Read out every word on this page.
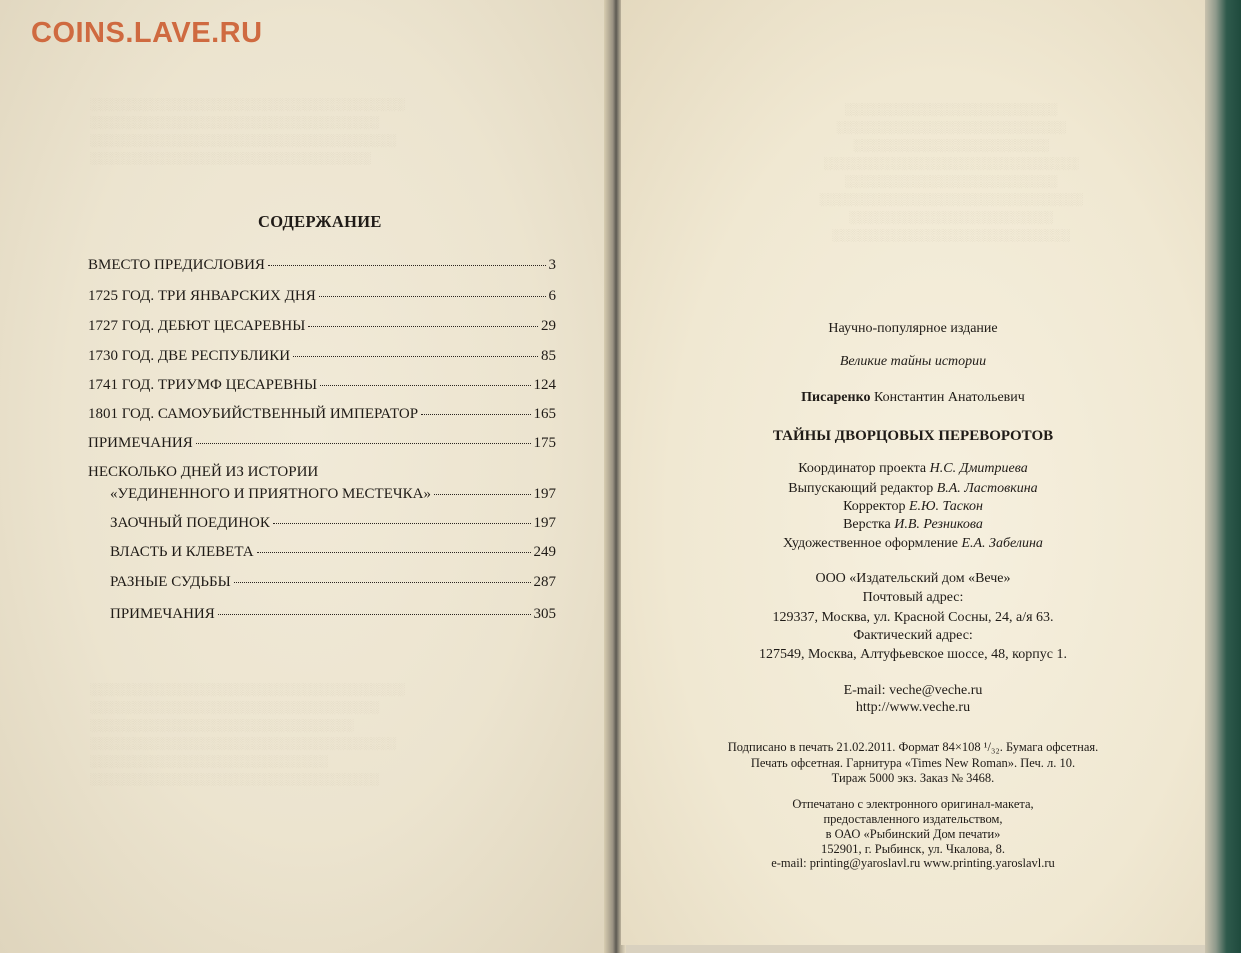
░░░░░░░░░░░░░░░░░░░░░░░░░░░░░░░░░░░░░
░░░░░░░░░░░░░░░░░░░░░░░░░░░░░░░░░░
░░░░░░░░░░░░░░░░░░░░░░░░░░░░░░░░░░░░
░░░░░░░░░░░░░░░░░░░░░░░░░░░░░░░░░
░░░░░░░░░░░░░░░░░░░░░░░░░░░░░░░░░░░░░
░░░░░░░░░░░░░░░░░░░░░░░░░░░░░░░░░░
░░░░░░░░░░░░░░░░░░░░░░░░░░░░░░░
░░░░░░░░░░░░░░░░░░░░░░░░░░░░░░░░░░░░
░░░░░░░░░░░░░░░░░░░░░░░░░░░░
░░░░░░░░░░░░░░░░░░░░░░░░░░░░░░░░░░
COINS.LAVE.RU
СОДЕРЖАНИЕ
ВМЕСТО ПРЕДИСЛОВИЯ	3
1725 ГОД. ТРИ ЯНВАРСКИХ ДНЯ	6
1727 ГОД. ДЕБЮТ ЦЕСАРЕВНЫ	29
1730 ГОД. ДВЕ РЕСПУБЛИКИ	85
1741 ГОД. ТРИУМФ ЦЕСАРЕВНЫ	124
1801 ГОД. САМОУБИЙСТВЕННЫЙ ИМПЕРАТОР	165
ПРИМЕЧАНИЯ	175
НЕСКОЛЬКО ДНЕЙ ИЗ ИСТОРИИ
«УЕДИНЕННОГО И ПРИЯТНОГО МЕСТЕЧКА»	197
ЗАОЧНЫЙ ПОЕДИНОК	197
ВЛАСТЬ И КЛЕВЕТА	249
РАЗНЫЕ СУДЬБЫ	287
ПРИМЕЧАНИЯ	305
░░░░░░░░░░░░░░░░░░░░░░░░░
░░░░░░░░░░░░░░░░░░░░░░░░░░░
░░░░░░░░░░░░░░░░░░░░░░░
░░░░░░░░░░░░░░░░░░░░░░░░░░░░░░
░░░░░░░░░░░░░░░░░░░░░░░░░
░░░░░░░░░░░░░░░░░░░░░░░░░░░░░░░
░░░░░░░░░░░░░░░░░░░░░░░░
░░░░░░░░░░░░░░░░░░░░░░░░░░░░
Научно-популярное издание
Великие тайны истории
Писаренко Константин Анатольевич
ТАЙНЫ ДВОРЦОВЫХ ПЕРЕВОРОТОВ
Координатор проекта Н.С. Дмитриева
Выпускающий редактор В.А. Ластовкина
Корректор Е.Ю. Таскон
Верстка И.В. Резникова
Художественное оформление Е.А. Забелина
ООО «Издательский дом «Вече»
Почтовый адрес:
129337, Москва, ул. Красной Сосны, 24, а/я 63.
Фактический адрес:
127549, Москва, Алтуфьевское шоссе, 48, корпус 1.
E-mail: veche@veche.ru
http://www.veche.ru
Подписано в печать 21.02.2011. Формат 84×108 ¹/₃₂. Бумага офсетная.
Печать офсетная. Гарнитура «Times New Roman». Печ. л. 10.
Тираж 5000 экз. Заказ № 3468.
Отпечатано с электронного оригинал-макета,
предоставленного издательством,
в ОАО «Рыбинский Дом печати»
152901, г. Рыбинск, ул. Чкалова, 8.
e-mail: printing@yaroslavl.ru www.printing.yaroslavl.ru
